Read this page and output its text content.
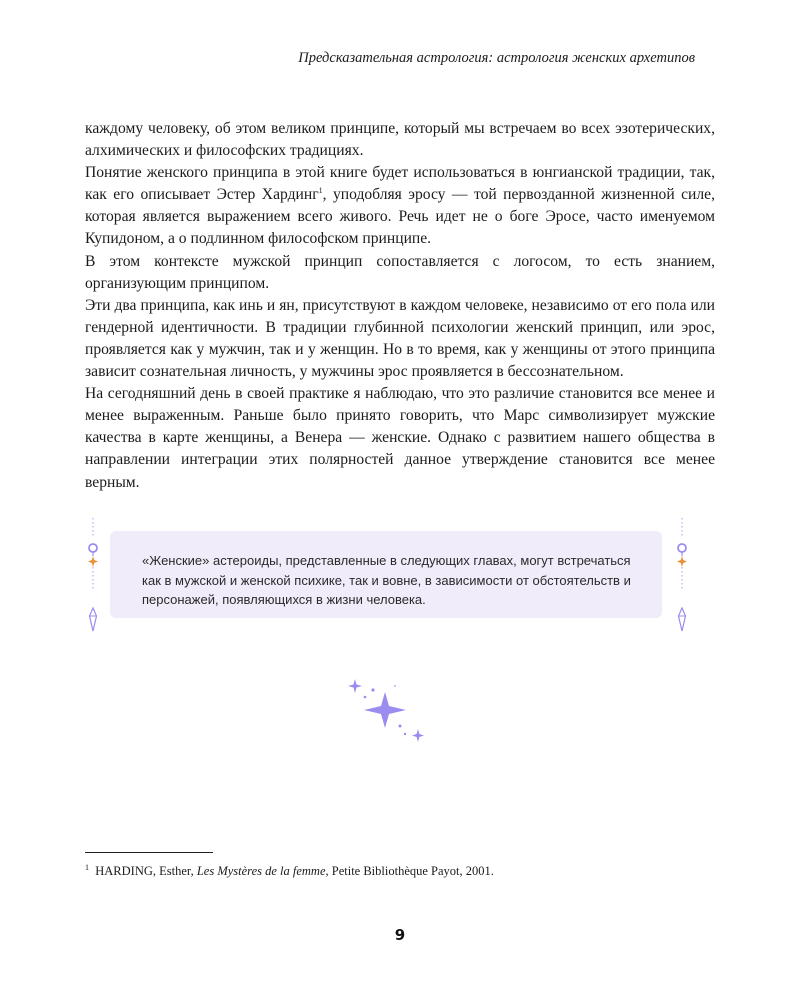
Предсказательная астрология: астрология женских архетипов

каждому человеку, об этом великом принципе, который мы встречаем во всех эзотерических, алхимических и философских традициях.

Понятие женского принципа в этой книге будет использоваться в юнгианской традиции, так, как его описывает Эстер Хардинг$^1$, уподобляя эросу — той первозданной жизненной силе, которая является выражением всего живого. Речь идет не о боге Эросе, часто именуемом Купидоном, а о подлинном философском принципе.

В этом контексте мужской принцип сопоставляется с логосом, то есть знанием, организующим принципом.

Эти два принципа, как инь и ян, присутствуют в каждом человеке, независимо от его пола или гендерной идентичности. В традиции глубинной психологии женский принцип, или эрос, проявляется как у мужчин, так и у женщин. Но в то время, как у женщины от этого принципа зависит сознательная личность, у мужчины эрос проявляется в бессознательном.

На сегодняшний день в своей практике я наблюдаю, что это различие становится все менее и менее выраженным. Раньше было принято говорить, что Марс символизирует мужские качества в карте женщины, а Венера — женские. Однако с развитием нашего общества в направлении интеграции этих полярностей данное утверждение становится все менее верным.

«Женские» астероиды, представленные в следующих главах, могут встречаться как в мужской и женской психике, так и вовне, в зависимости от обстоятельств и персонажей, появляющихся в жизни человека.
$^1$ HARDING, Esther, Les Mystères de la femme, Petite Bibliothèque Payot, 2001.
9
